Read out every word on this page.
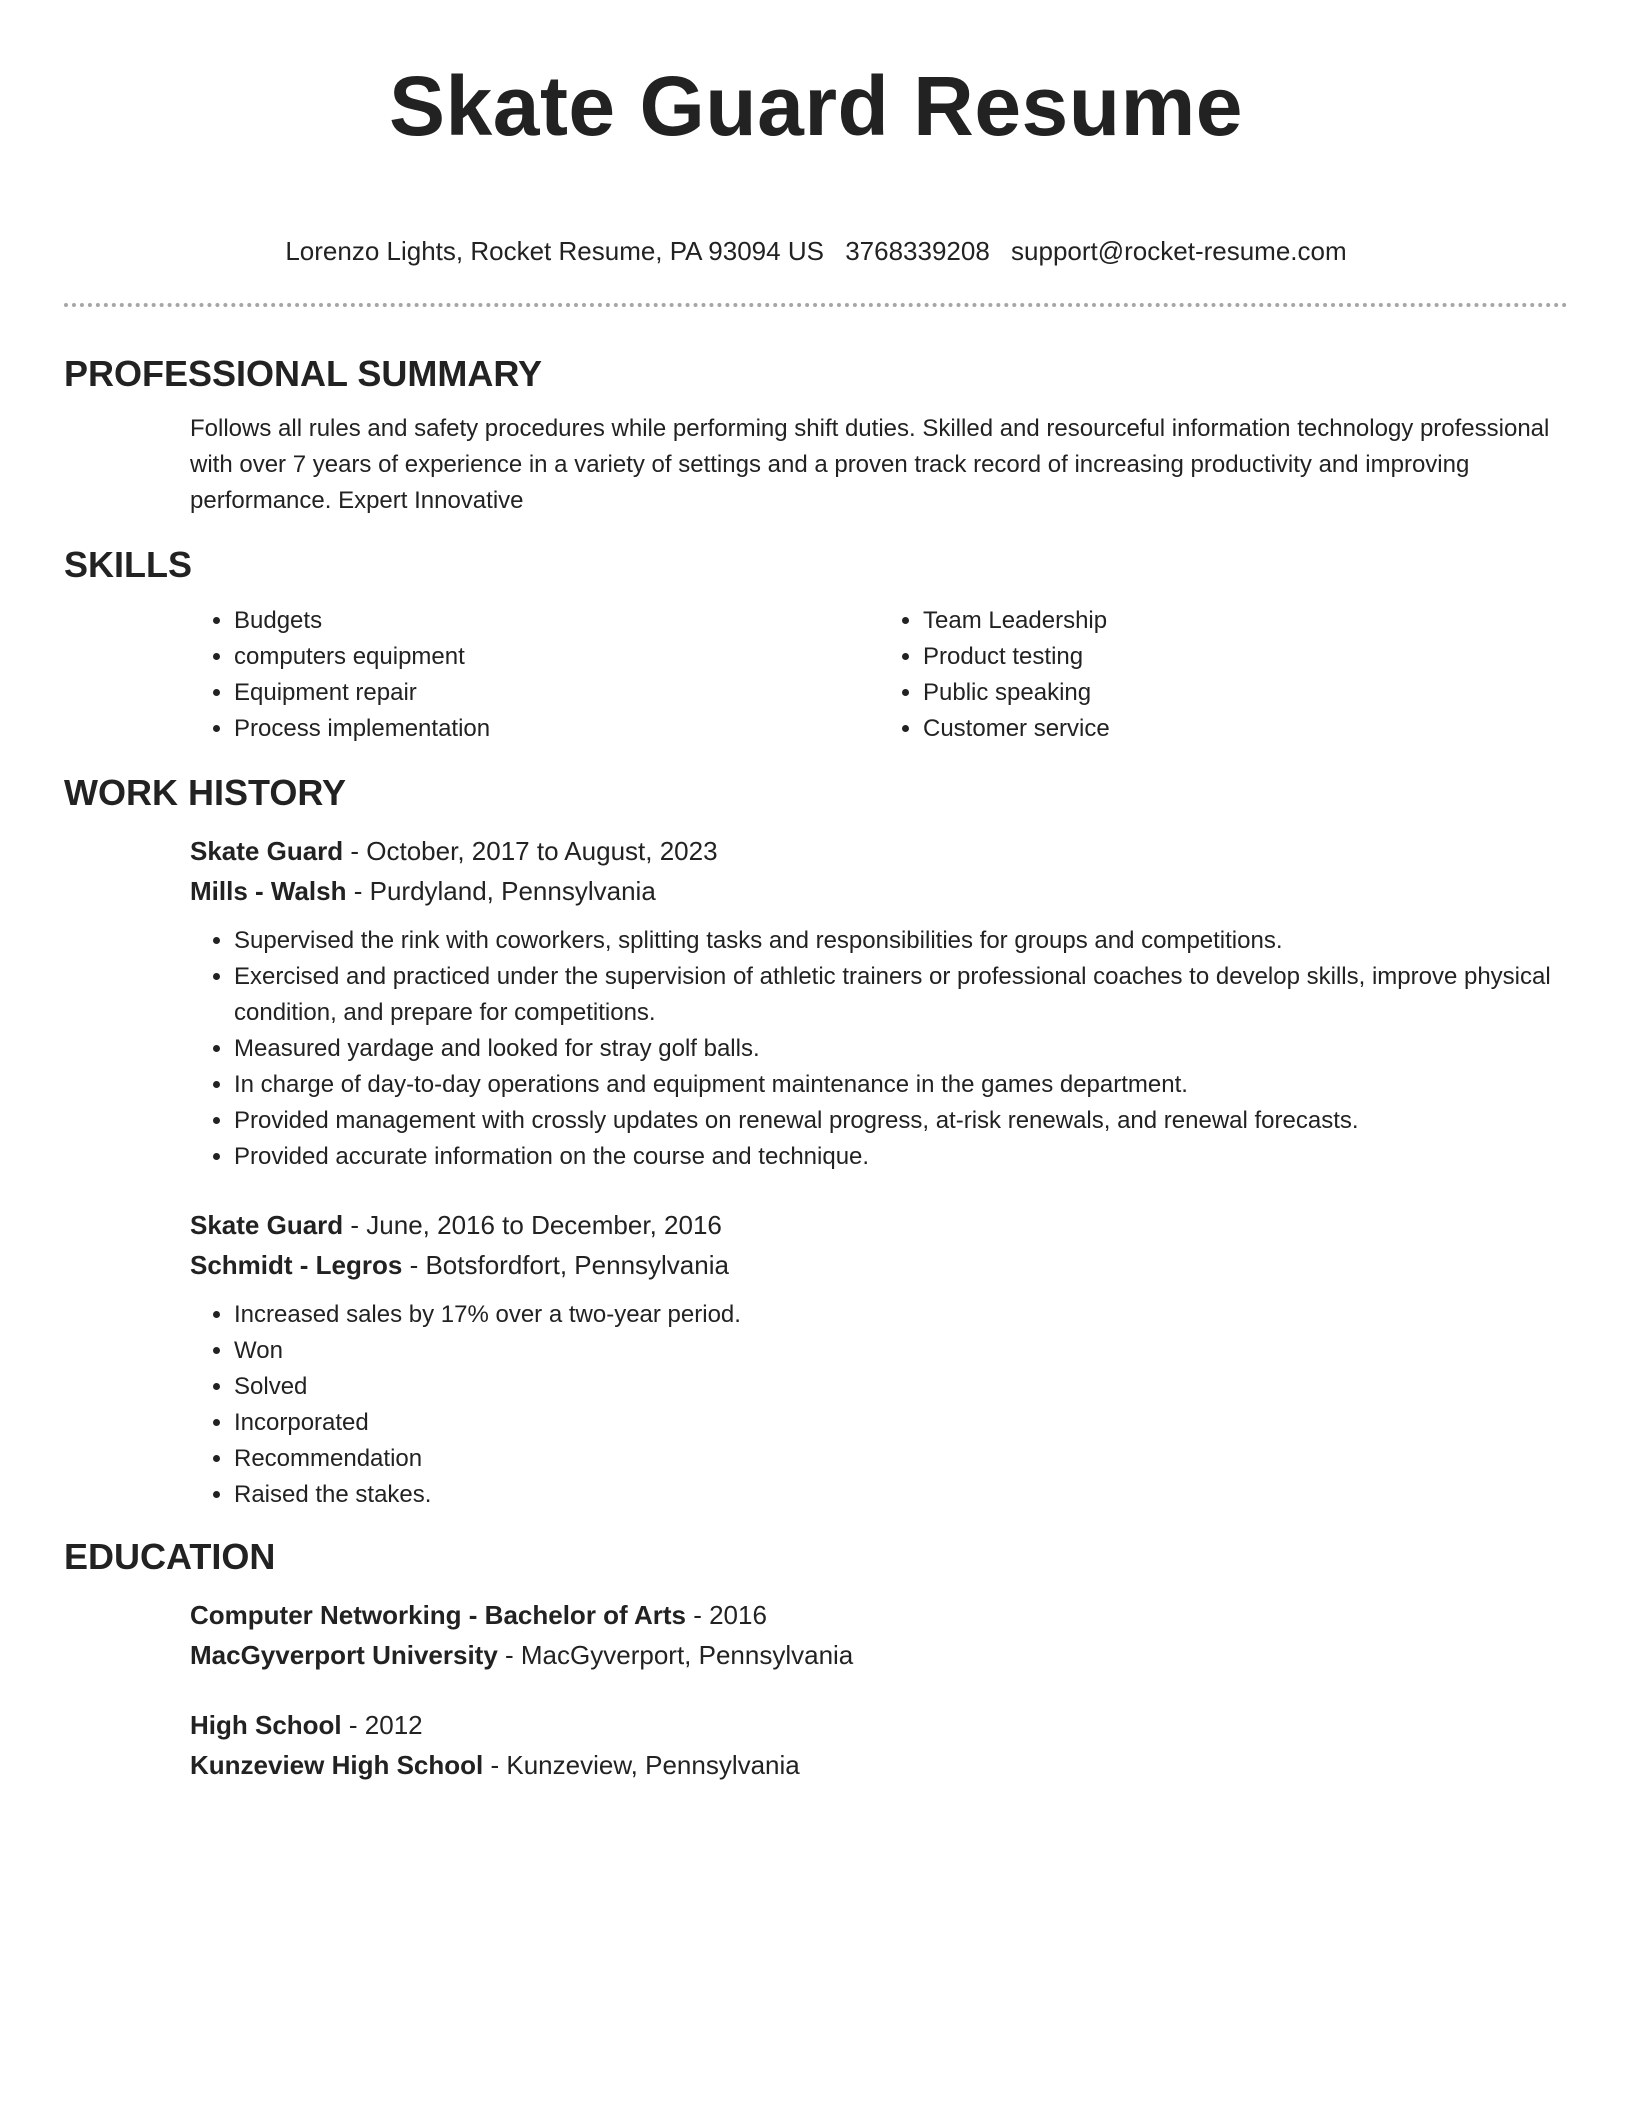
Skate Guard Resume
Lorenzo Lights, Rocket Resume, PA 93094 US 3768339208 support@rocket-resume.com
PROFESSIONAL SUMMARY

Follows all rules and safety procedures while performing shift duties. Skilled and resourceful information technology professional with over 7 years of experience in a variety of settings and a proven track record of increasing productivity and improving performance. Expert Innovative

SKILLS
• Budgets
• computers equipment
• Equipment repair
• Process implementation
• Team Leadership
• Product testing
• Public speaking
• Customer service
WORK HISTORY

Skate Guard - October, 2017 to August, 2023

Mills - Walsh - Purdyland, Pennsylvania

• Supervised the rink with coworkers, splitting tasks and responsibilities for groups and competitions.
• Exercised and practiced under the supervision of athletic trainers or professional coaches to develop skills, improve physical condition, and prepare for competitions.
• Measured yardage and looked for stray golf balls.
• In charge of day-to-day operations and equipment maintenance in the games department.
• Provided management with crossly updates on renewal progress, at-risk renewals, and renewal forecasts.
• Provided accurate information on the course and technique.

Skate Guard - June, 2016 to December, 2016

Schmidt - Legros - Botsfordfort, Pennsylvania

• Increased sales by 17% over a two-year period.
• Won
• Solved
• Incorporated
• Recommendation
• Raised the stakes.
EDUCATION

Computer Networking - Bachelor of Arts - 2016

MacGyverport University - MacGyverport, Pennsylvania

High School - 2012

Kunzeview High School - Kunzeview, Pennsylvania
